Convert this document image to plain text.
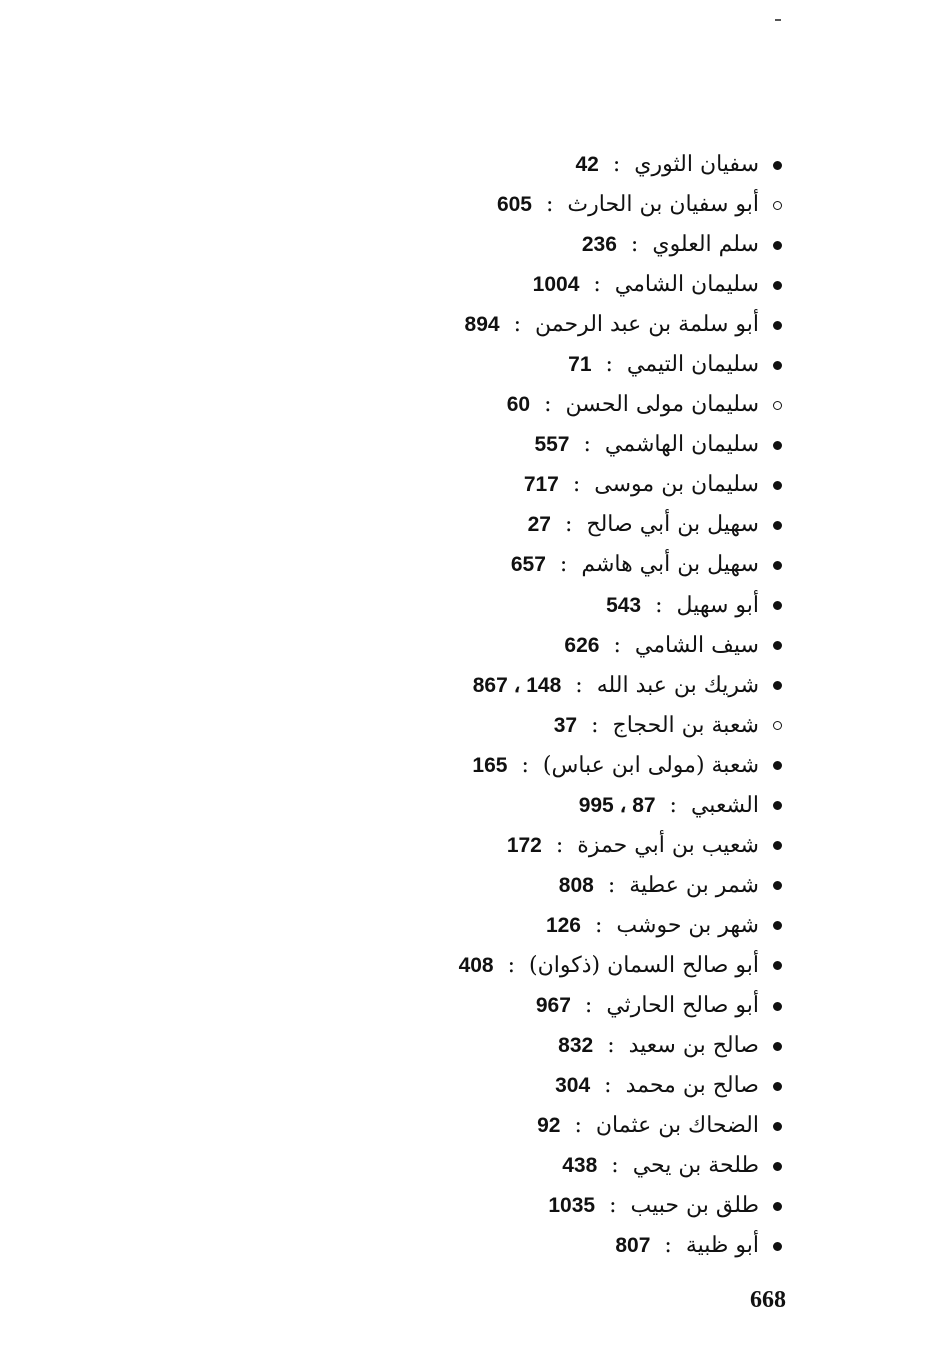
سفيان الثوري
:
42
أبو سفيان بن الحارث
:
605
سلم العلوي
:
236
سليمان الشامي
:
1004
أبو سلمة بن عبد الرحمن
:
894
سليمان التيمي
:
71
سليمان مولى الحسن
:
60
سليمان الهاشمي
:
557
سليمان بن موسى
:
717
سهيل بن أبي صالح
:
27
سهيل بن أبي هاشم
:
657
أبو سهيل
:
543
سيف الشامي
:
626
شريك بن عبد الله
:
148 ، 867
شعبة بن الحجاج
:
37
شعبة (مولى ابن عباس)
:
165
الشعبي
:
87 ، 995
شعيب بن أبي حمزة
:
172
شمر بن عطية
:
808
شهر بن حوشب
:
126
أبو صالح السمان (ذكوان)
:
408
أبو صالح الحارثي
:
967
صالح بن سعيد
:
832
صالح بن محمد
:
304
الضحاك بن عثمان
:
92
طلحة بن يحي
:
438
طلق بن حبيب
:
1035
أبو ظبية
:
807
668
